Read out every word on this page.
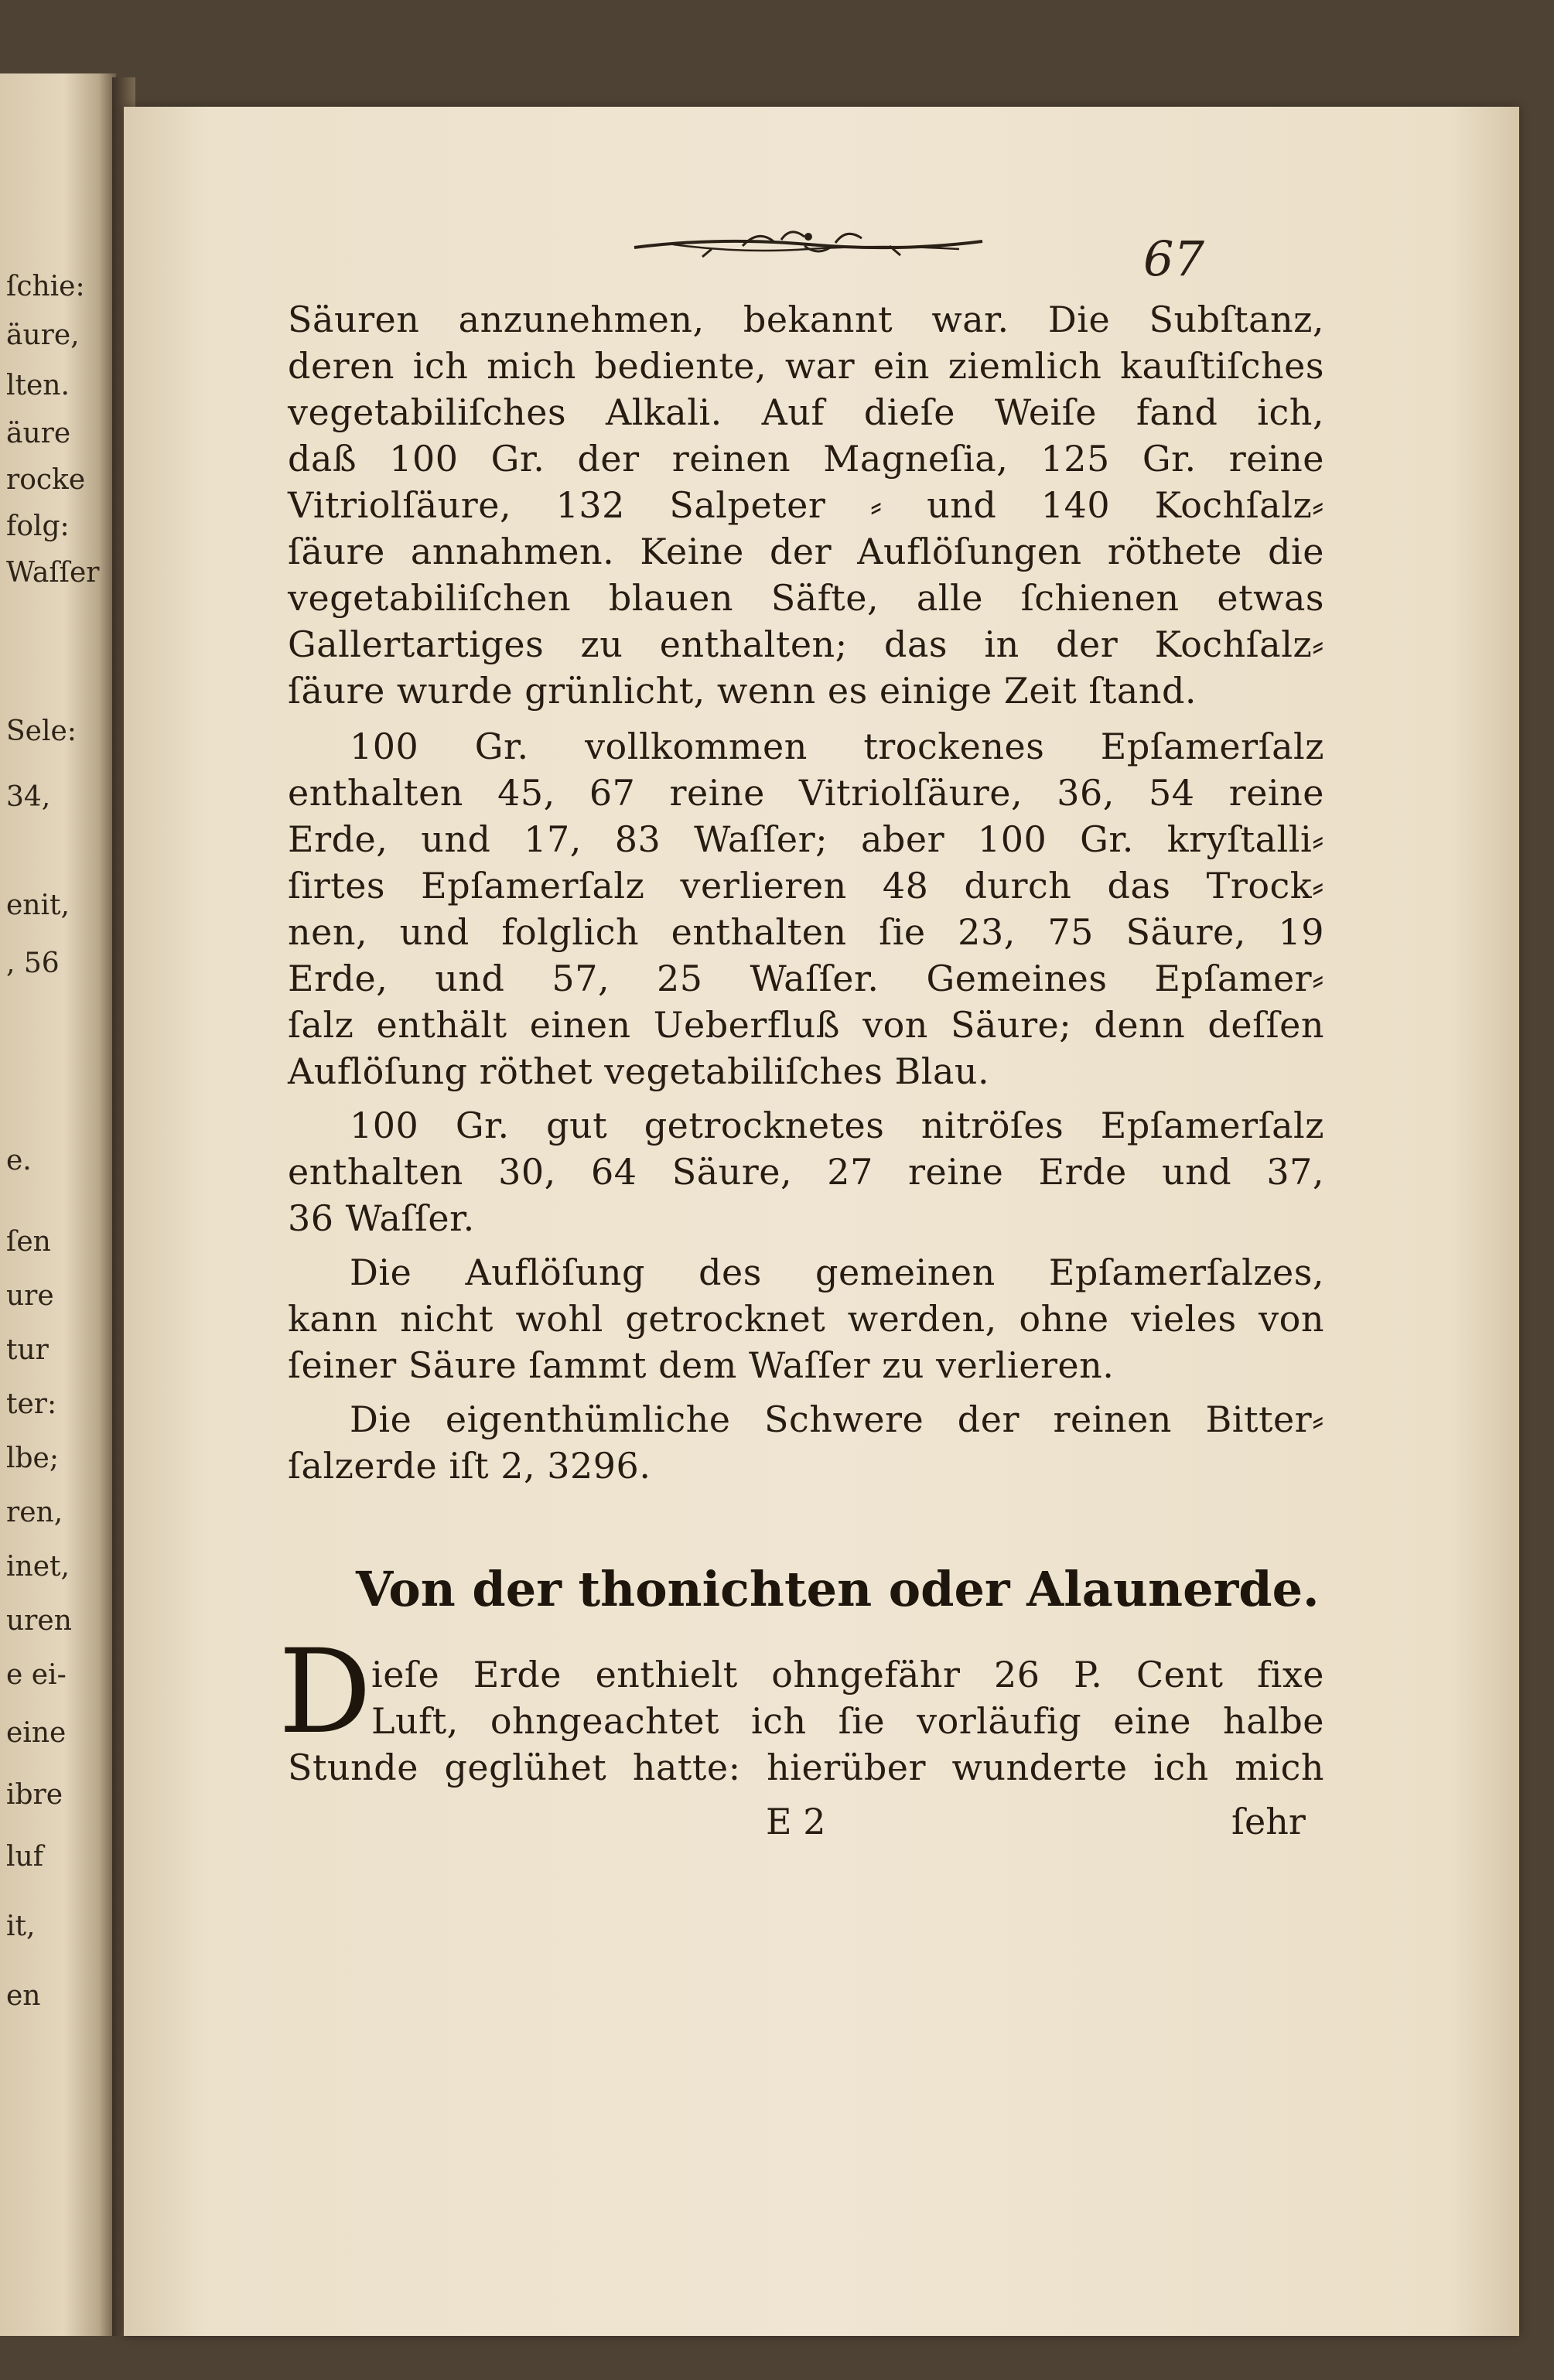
ſchie:
äure,
lten.
äure
rocke
folg:
Waſſer
Sele:
34,
enit,
, 56
e.
ſen
ure
tur
ter:
lbe;
ren,
inet,
uren
e ei-
eine
ibre
luf
it,
en
67
Säuren anzunehmen, bekannt war. Die Subſtanz,
deren ich mich bediente, war ein ziemlich kauſtiſches
vegetabiliſches Alkali. Auf dieſe Weiſe fand ich,
daß 100 Gr. der reinen Magneſia, 125 Gr. reine
Vitriolſäure, 132 Salpeter ⸗ und 140 Kochſalz⸗
ſäure annahmen. Keine der Auflöſungen röthete die
vegetabiliſchen blauen Säfte, alle ſchienen etwas
Gallertartiges zu enthalten; das in der Kochſalz⸗
ſäure wurde grünlicht, wenn es einige Zeit ſtand.
100 Gr. vollkommen trockenes Epſamerſalz
enthalten 45, 67 reine Vitriolſäure, 36, 54 reine
Erde, und 17, 83 Waſſer; aber 100 Gr. kryſtalli⸗
ſirtes Epſamerſalz verlieren 48 durch das Trock⸗
nen, und folglich enthalten ſie 23, 75 Säure, 19
Erde, und 57, 25 Waſſer. Gemeines Epſamer⸗
ſalz enthält einen Ueberfluß von Säure; denn deſſen
Auflöſung röthet vegetabiliſches Blau.
100 Gr. gut getrocknetes nitröſes Epſamerſalz
enthalten 30, 64 Säure, 27 reine Erde und 37,
36 Waſſer.
Die Auflöſung des gemeinen Epſamerſalzes,
kann nicht wohl getrocknet werden, ohne vieles von
ſeiner Säure ſammt dem Waſſer zu verlieren.
Die eigenthümliche Schwere der reinen Bitter⸗
ſalzerde iſt 2, 3296.
Von der thonichten oder Alaunerde.
D ieſe Erde enthielt ohngefähr 26 P. Cent fixe
Luft, ohngeachtet ich ſie vorläufig eine halbe
Stunde geglühet hatte: hierüber wunderte ich mich
E 2	ſehr
